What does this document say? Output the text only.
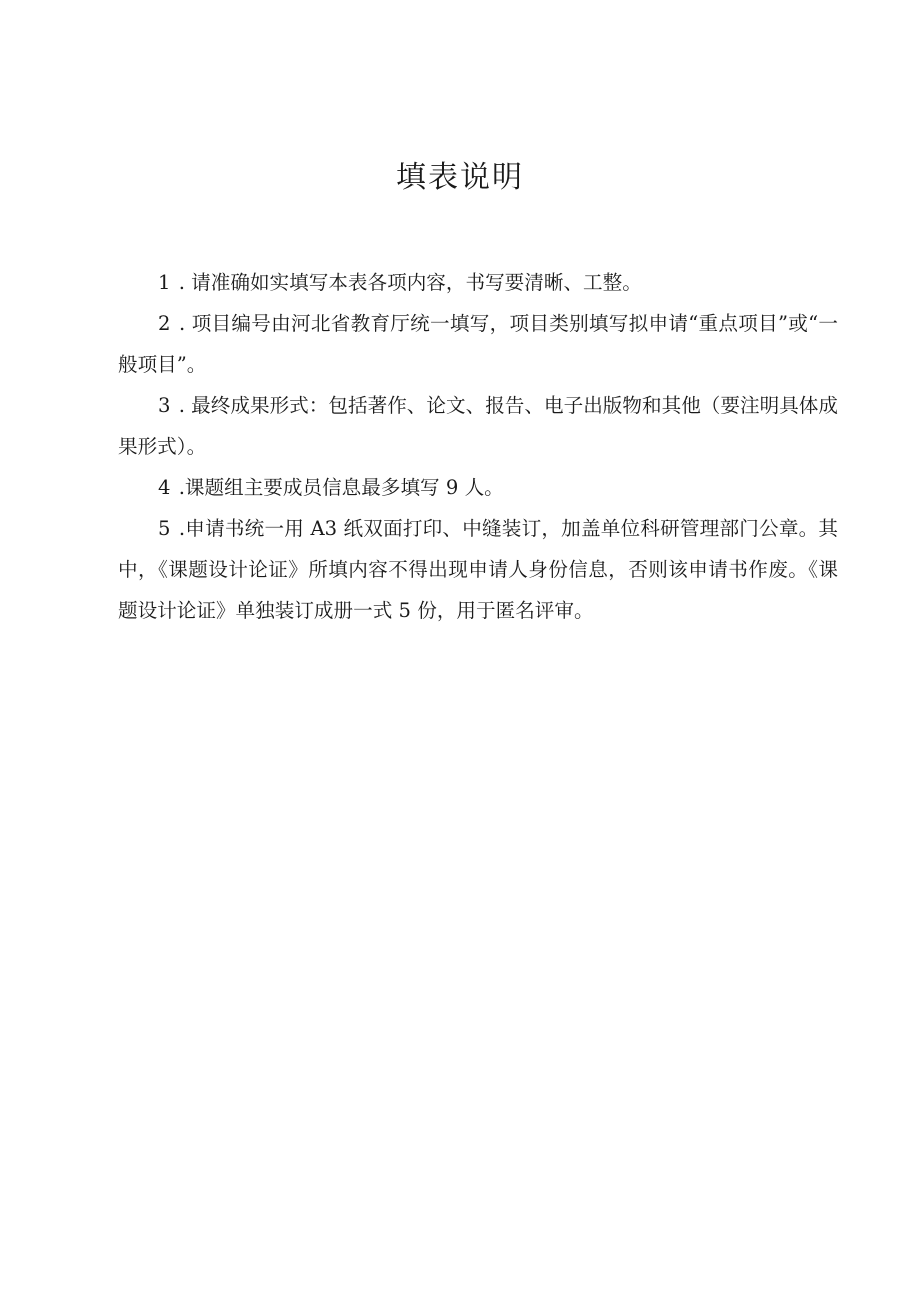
填表说明

1 . 请准确如实填写本表各项内容，书写要清晰、工整。

2 . 项目编号由河北省教育厅统一填写，项目类别填写拟申请“重点项目”或“一般项目”。

3 . 最终成果形式：包括著作、论文、报告、电子出版物和其他（要注明具体成果形式）。

4 .课题组主要成员信息最多填写 9 人。

5 .申请书统一用 A3 纸双面打印、中缝装订，加盖单位科研管理部门公章。其中，《课题设计论证》所填内容不得出现申请人身份信息，否则该申请书作废。《课题设计论证》单独装订成册一式 5 份，用于匿名评审。
